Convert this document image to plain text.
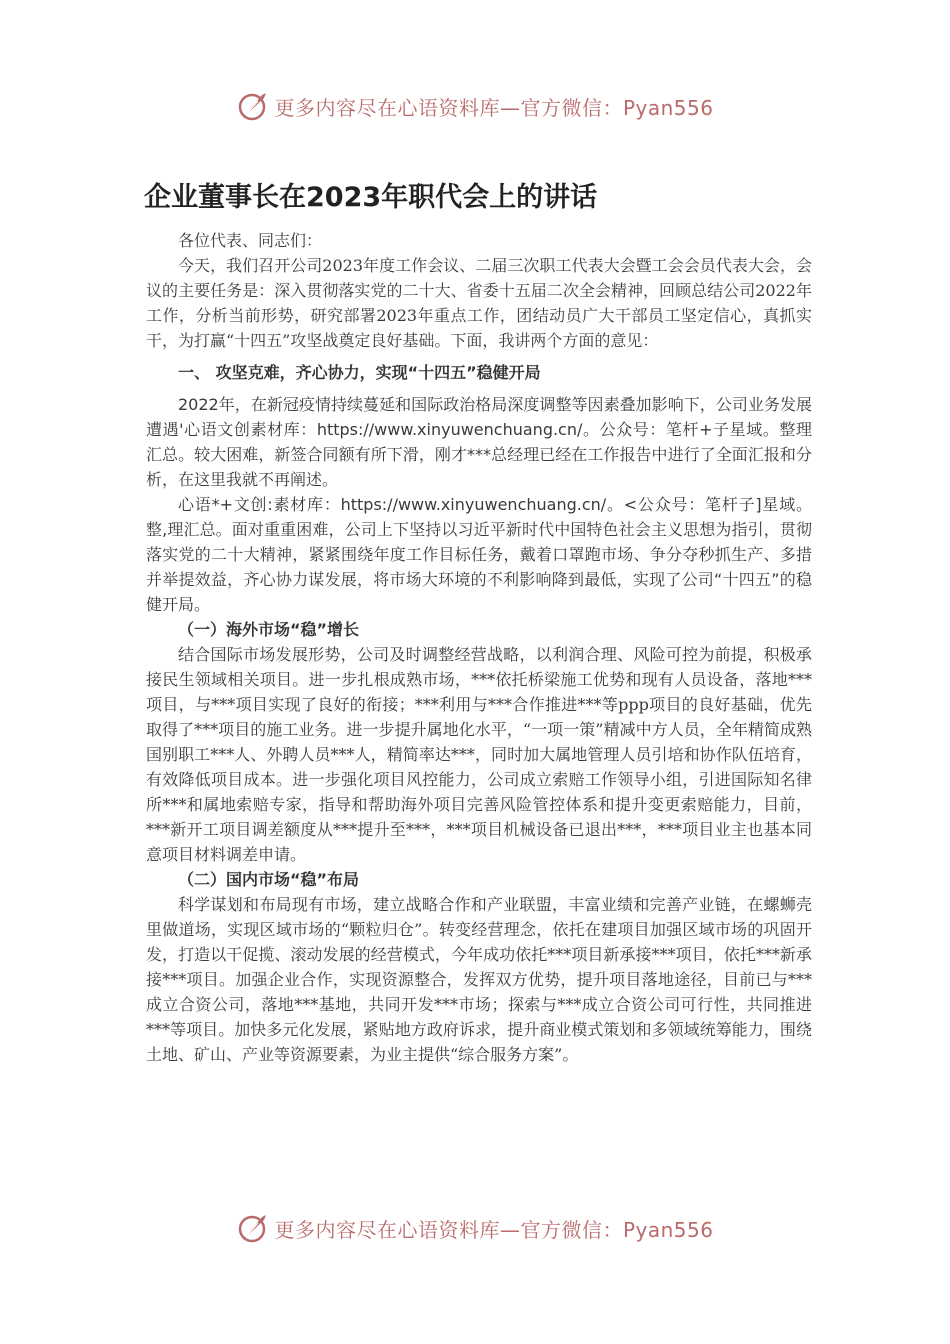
更多内容尽在心语资料库—官方微信：Pyan556
企业董事长在2023年职代会上的讲话

各位代表、同志们：

今天，我们召开公司2023年度工作会议、二届三次职工代表大会暨工会会员代表大会，会议的主要任务是：深入贯彻落实党的二十大、省委十五届二次全会精神，回顾总结公司2022年工作，分析当前形势，研究部署2023年重点工作，团结动员广大干部员工坚定信心，真抓实干，为打赢“十四五”攻坚战奠定良好基础。下面，我讲两个方面的意见：

一、 攻坚克难，齐心协力，实现“十四五”稳健开局

2022年，在新冠疫情持续蔓延和国际政治格局深度调整等因素叠加影响下，公司业务发展遭遇'心语文创素材库：https://www.xinyuwenchuang.cn/。公众号：笔杆+子星域。整理汇总。较大困难，新签合同额有所下滑，刚才***总经理已经在工作报告中进行了全面汇报和分析，在这里我就不再阐述。

心语*+文创:素材库：https://www.xinyuwenchuang.cn/。<公众号：笔杆子]星域。整,理汇总。面对重重困难，公司上下坚持以习近平新时代中国特色社会主义思想为指引，贯彻落实党的二十大精神，紧紧围绕年度工作目标任务，戴着口罩跑市场、争分夺秒抓生产、多措并举提效益，齐心协力谋发展，将市场大环境的不利影响降到最低，实现了公司“十四五”的稳健开局。

（一）海外市场“稳”增长

结合国际市场发展形势，公司及时调整经营战略，以利润合理、风险可控为前提，积极承接民生领域相关项目。进一步扎根成熟市场，***依托桥梁施工优势和现有人员设备，落地***项目，与***项目实现了良好的衔接；***利用与***合作推进***等ppp项目的良好基础，优先取得了***项目的施工业务。进一步提升属地化水平，“一项一策”精减中方人员，全年精简成熟国别职工***人、外聘人员***人，精简率达***，同时加大属地管理人员引培和协作队伍培育，有效降低项目成本。进一步强化项目风控能力，公司成立索赔工作领导小组，引进国际知名律所***和属地索赔专家，指导和帮助海外项目完善风险管控体系和提升变更索赔能力，目前，***新开工项目调差额度从***提升至***，***项目机械设备已退出***，***项目业主也基本同意项目材料调差申请。

（二）国内市场“稳”布局

科学谋划和布局现有市场，建立战略合作和产业联盟，丰富业绩和完善产业链，在螺蛳壳里做道场，实现区域市场的“颗粒归仓”。转变经营理念，依托在建项目加强区域市场的巩固开发，打造以干促揽、滚动发展的经营模式，今年成功依托***项目新承接***项目，依托***新承接***项目。加强企业合作，实现资源整合，发挥双方优势，提升项目落地途径，目前已与***成立合资公司，落地***基地，共同开发***市场；探索与***成立合资公司可行性，共同推进***等项目。加快多元化发展，紧贴地方政府诉求，提升商业模式策划和多领域统筹能力，围绕土地、矿山、产业等资源要素，为业主提供“综合服务方案”。

更多内容尽在心语资料库—官方微信：Pyan556
